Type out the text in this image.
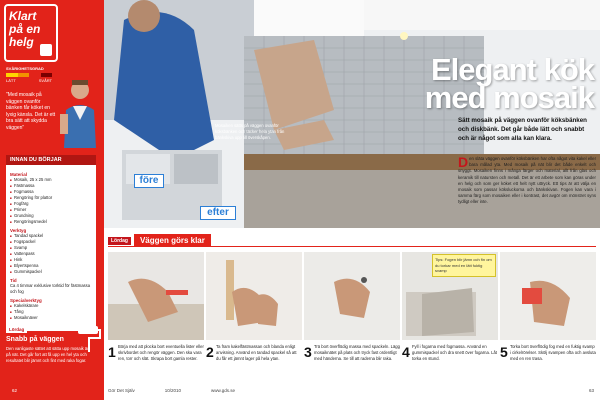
Klart på en helg
SVÅRIGHETSGRAD
LÄTT	SVÅRT

"Med mosaik på väggen ovanför bänken får köket en lyxig känsla. Det är ett bra sätt att skydda väggen"

INNAN DU BÖRJAR
Material
■ Mosaik, 25 x 25 mm
■ Fästmassa
■ Fogmassa
■ Rengöring för plattor
■ Fogfärg
■ Primer
■ Grundning
■ Rengöringsmedel
Verktyg
■ Tandad spackel
■ Fogspackel
■ Svamp
■ Vattenpass
■ Hink
■ Blyertspenna
■ Gummispackel
Tid

Ca 4 timmar exklusive torktid för fästmassa och fog

Specialverktyg
■ Kakelskärare
■ Tång
■ Mosaiknäver
Lördag
Snabb på väggen

Den vanligaste sättet att sätta upp mosaik är på nät. Det går fort att få upp en hel yta och resultatet blir jämnt och fint med raka fogar.

62
före
efter

Mosaiken sätts på väggen ovanför köksbänken och täcker hela ytan från bänkskiva upp till överskåpen.

Elegant kök
med mosaik

Sätt mosaik på väggen ovanför köksbänken och diskbänk. Det går både lätt och snabbt och är något som alla kan klara.

Den släta väggen ovanför köksbänken har ofta något vita kakel eller bara målad yta. Med mosaik på nät blir det både enkelt och snyggt. Mosaiken finns i många färger och material, allt från glas och keramik till natursten och metall. Det är ett arbete som kan göras under en helg och som ger köket ett helt nytt uttryck. Ett tips är att välja en mosaik som passar köksluckorna och bänkskivan. Fogen kan vara i samma färg som mosaiken eller i kontrast, det avgör om mönstret syns tydligt eller inte.
Lördag	Väggen görs klar
1 Börja med att plocka bort eventuella lister eller skrivbordet och rengör väggen. Den ska vara ren, torr och slät. Skrapa bort gamla rester. 2 Ta fram kakelfästmassan och blanda enligt anvisning. Använd en tandad spackel så att du får ett jämnt lager på hela ytan.	3 Trä bort överflödig massa med spackeln. Lägg mosaiknätet på plats och tryck fast ordentligt med händerna. Se till att raderna blir raka.

Tips: Fogen blir jämn och fin om du torkar med en lätt fuktig svamp
4 Fyll i fogarna med fogmassa. Använd en gummispackel och dra snett över fogarna. Låt torka en stund.	5 Torka bort överflödig fog med en fuktig svamp i cirkelrörelser. Skölj svampen ofta och avsluta med en ren trasa.

Gör Det Själv	10/2010	www.gds.se	63
